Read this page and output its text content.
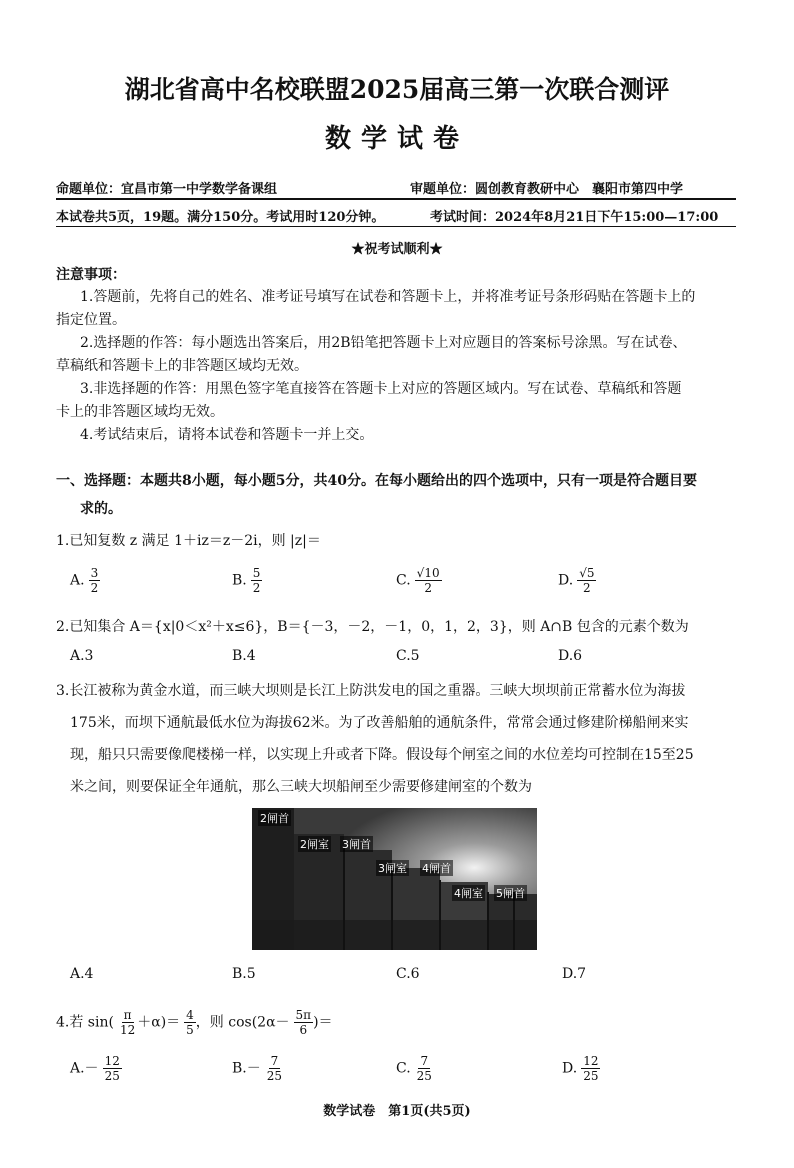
湖北省高中名校联盟2025届高三第一次联合测评
数学试卷
命题单位：宜昌市第一中学数学备课组	审题单位：圆创教育教研中心　襄阳市第四中学
本试卷共5页，19题。满分150分。考试用时120分钟。	考试时间：2024年8月21日下午15:00—17:00
★祝考试顺利★
注意事项：
1.答题前，先将自己的姓名、准考证号填写在试卷和答题卡上，并将准考证号条形码贴在答题卡上的
指定位置。
2.选择题的作答：每小题选出答案后，用2B铅笔把答题卡上对应题目的答案标号涂黑。写在试卷、
草稿纸和答题卡上的非答题区域均无效。
3.非选择题的作答：用黑色签字笔直接答在答题卡上对应的答题区域内。写在试卷、草稿纸和答题
卡上的非答题区域均无效。
4.考试结束后，请将本试卷和答题卡一并上交。
一、选择题：本题共8小题，每小题5分，共40分。在每小题给出的四个选项中，只有一项是符合题目要
求的。
1.已知复数 z 满足 1＋iz＝z－2i，则 |z|＝
A. $\frac{3}{2}$	B. $\frac{5}{2}$	C. $\frac{√10}{2}$	D. $\frac{√5}{2}$
2.已知集合 A＝{x|0＜x²＋x≤6}，B＝{－3，－2，－1，0，1，2，3}，则 A∩B 包含的元素个数为
A.3	B.4	C.5	D.6
3.长江被称为黄金水道，而三峡大坝则是长江上防洪发电的国之重器。三峡大坝坝前正常蓄水位为海拔
175米，而坝下通航最低水位为海拔62米。为了改善船舶的通航条件，常常会通过修建阶梯船闸来实
现，船只只需要像爬楼梯一样，以实现上升或者下降。假设每个闸室之间的水位差均可控制在15至25
米之间，则要保证全年通航，那么三峡大坝船闸至少需要修建闸室的个数为
2闸首
2闸室 3闸首
3闸室 4闸首
4闸室 5闸首
A.4	B.5	C.6	D.7
4.若 $\sin( \frac{\pi}{12} +\alpha)= \frac{4}{5}$ ，则 $\cos(2\alpha- \frac{5\pi}{6}$ )＝
$A.- \frac{12}{25}$	$B.- \frac{7}{25}$	C. $\frac{7}{25}$	D. $\frac{12}{25}$
数学试卷　第1页(共5页)
